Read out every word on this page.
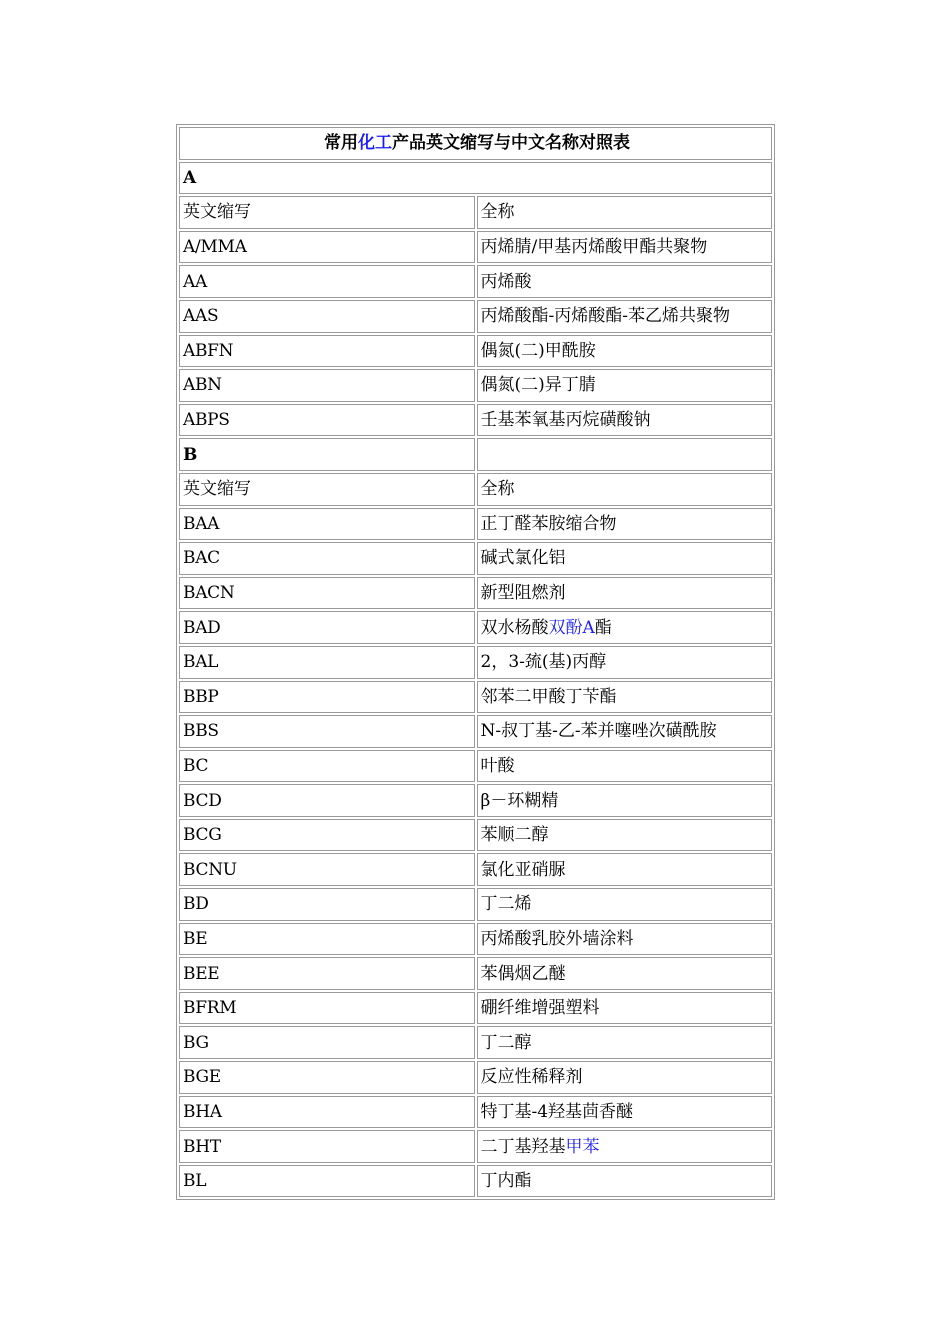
常用化工产品英文缩写与中文名称对照表	
A	
英文缩写	全称
A/MMA	丙烯腈/甲基丙烯酸甲酯共聚物
AA	丙烯酸
AAS	丙烯酸酯-丙烯酸酯-苯乙烯共聚物
ABFN	偶氮(二)甲酰胺
ABN	偶氮(二)异丁腈
ABPS	壬基苯氧基丙烷磺酸钠
B	
英文缩写	全称
BAA	正丁醛苯胺缩合物
BAC	碱式氯化铝
BACN	新型阻燃剂
BAD	双水杨酸双酚A酯
BAL	2，3-巯(基)丙醇
BBP	邻苯二甲酸丁苄酯
BBS	N-叔丁基-乙-苯并噻唑次磺酰胺
BC	叶酸
BCD	β－环糊精
BCG	苯顺二醇
BCNU	氯化亚硝脲
BD	丁二烯
BE	丙烯酸乳胶外墙涂料
BEE	苯偶烟乙醚
BFRM	硼纤维增强塑料
BG	丁二醇
BGE	反应性稀释剂
BHA	特丁基-4羟基茴香醚
BHT	二丁基羟基甲苯
BL	丁内酯
